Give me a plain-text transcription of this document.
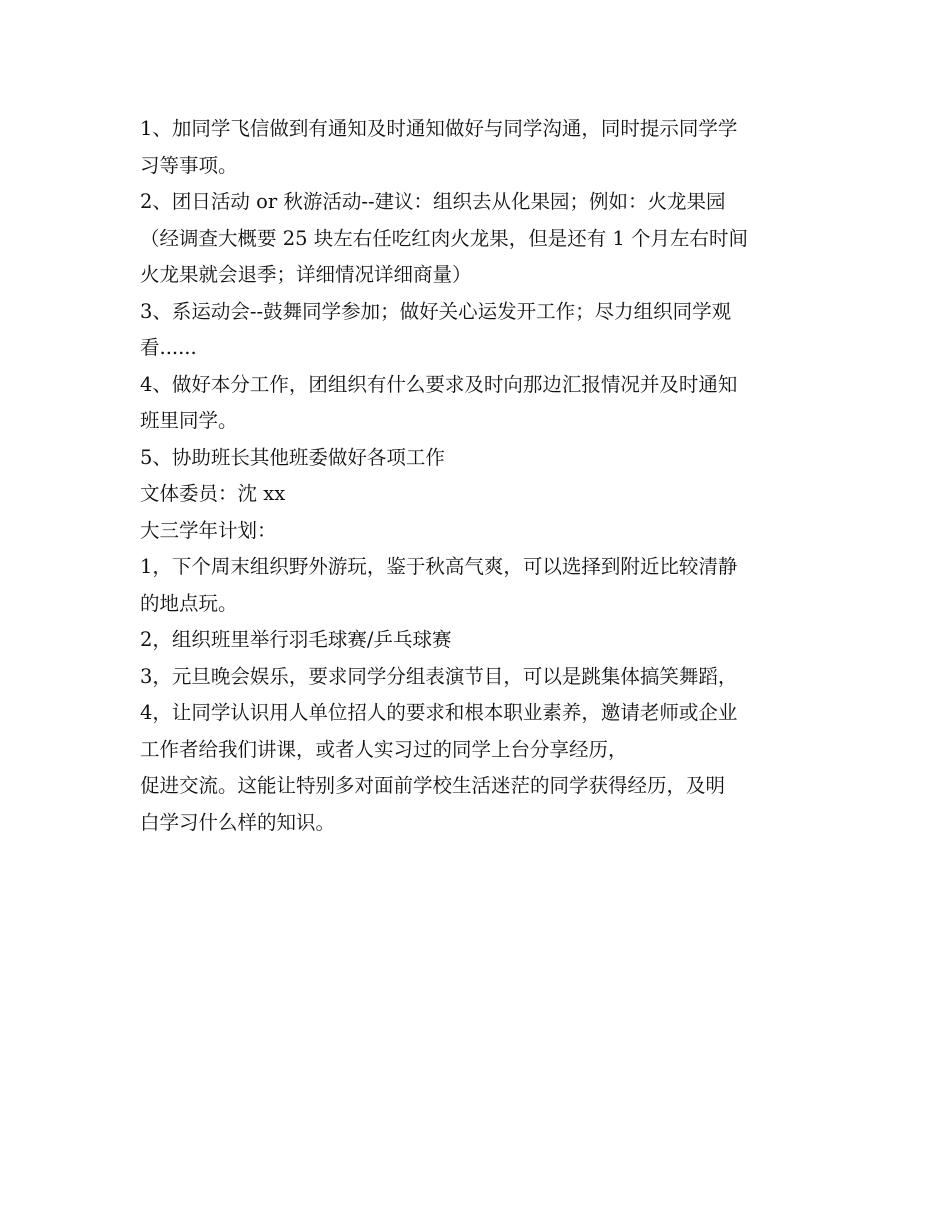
1、加同学飞信做到有通知及时通知做好与同学沟通，同时提示同学学
习等事项。
2、团日活动 or 秋游活动--建议：组织去从化果园；例如：火龙果园
（经调查大概要 25 块左右任吃红肉火龙果，但是还有 1 个月左右时间
火龙果就会退季；详细情况详细商量）
3、系运动会--鼓舞同学参加；做好关心运发开工作；尽力组织同学观
看......
4、做好本分工作，团组织有什么要求及时向那边汇报情况并及时通知
班里同学。
5、协助班长其他班委做好各项工作
文体委员：沈 xx
大三学年计划：
1，下个周末组织野外游玩，鉴于秋高气爽，可以选择到附近比较清静
的地点玩。
2，组织班里举行羽毛球赛/乒乓球赛
3，元旦晚会娱乐，要求同学分组表演节目，可以是跳集体搞笑舞蹈，
4，让同学认识用人单位招人的要求和根本职业素养，邀请老师或企业
工作者给我们讲课，或者人实习过的同学上台分享经历，
促进交流。这能让特别多对面前学校生活迷茫的同学获得经历，及明
白学习什么样的知识。
